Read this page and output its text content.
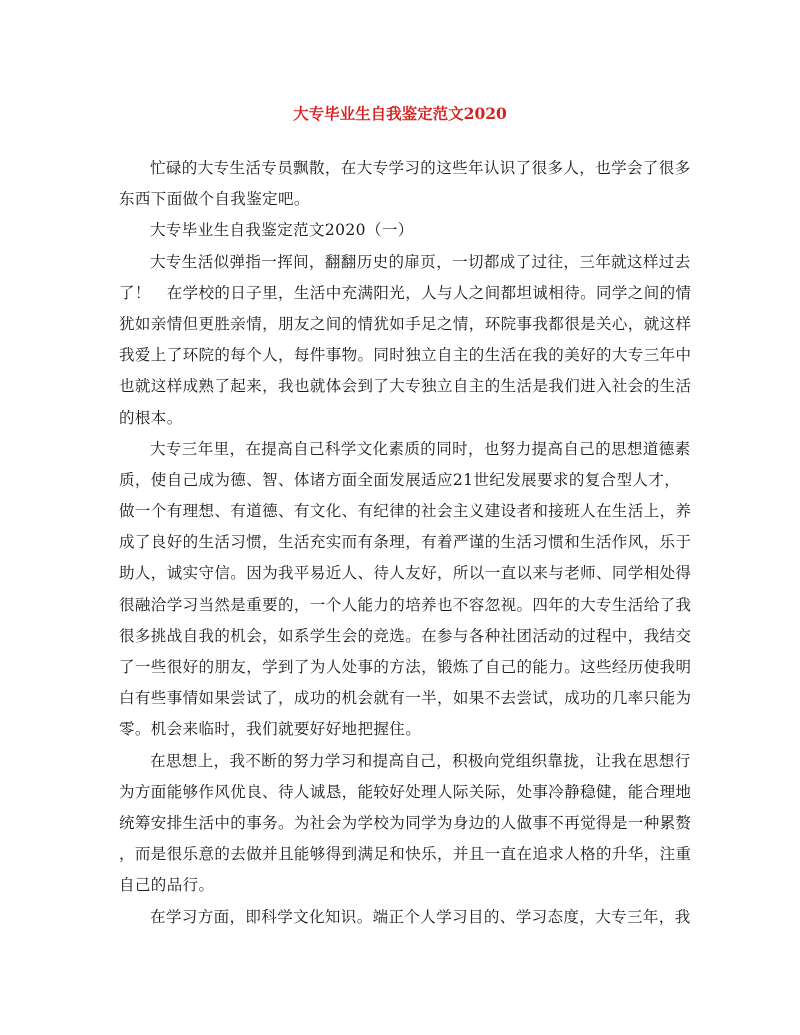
大专毕业生自我鉴定范文2020
忙碌的大专生活专员飘散，在大专学习的这些年认识了很多人，也学会了很多
东西下面做个自我鉴定吧。
大专毕业生自我鉴定范文2020（一）
大专生活似弹指一挥间，翻翻历史的扉页，一切都成了过往，三年就这样过去
了！　在学校的日子里，生活中充满阳光，人与人之间都坦诚相待。同学之间的情
犹如亲情但更胜亲情，朋友之间的情犹如手足之情，环院事我都很是关心，就这样
我爱上了环院的每个人，每件事物。同时独立自主的生活在我的美好的大专三年中
也就这样成熟了起来，我也就体会到了大专独立自主的生活是我们进入社会的生活
的根本。
大专三年里，在提高自己科学文化素质的同时，也努力提高自己的思想道德素
质，使自己成为德、智、体诸方面全面发展适应21世纪发展要求的复合型人才，
做一个有理想、有道德、有文化、有纪律的社会主义建设者和接班人在生活上，养
成了良好的生活习惯，生活充实而有条理，有着严谨的生活习惯和生活作风，乐于
助人，诚实守信。因为我平易近人、待人友好，所以一直以来与老师、同学相处得
很融洽学习当然是重要的，一个人能力的培养也不容忽视。四年的大专生活给了我
很多挑战自我的机会，如系学生会的竞选。在参与各种社团活动的过程中，我结交
了一些很好的朋友，学到了为人处事的方法，锻炼了自己的能力。这些经历使我明
白有些事情如果尝试了，成功的机会就有一半，如果不去尝试，成功的几率只能为
零。机会来临时，我们就要好好地把握住。
在思想上，我不断的努力学习和提高自己，积极向党组织靠拢，让我在思想行
为方面能够作风优良、待人诚恳，能较好处理人际关际，处事冷静稳健，能合理地
统筹安排生活中的事务。为社会为学校为同学为身边的人做事不再觉得是一种累赘
，而是很乐意的去做并且能够得到满足和快乐，并且一直在追求人格的升华，注重
自己的品行。
在学习方面，即科学文化知识。端正个人学习目的、学习态度，大专三年，我
